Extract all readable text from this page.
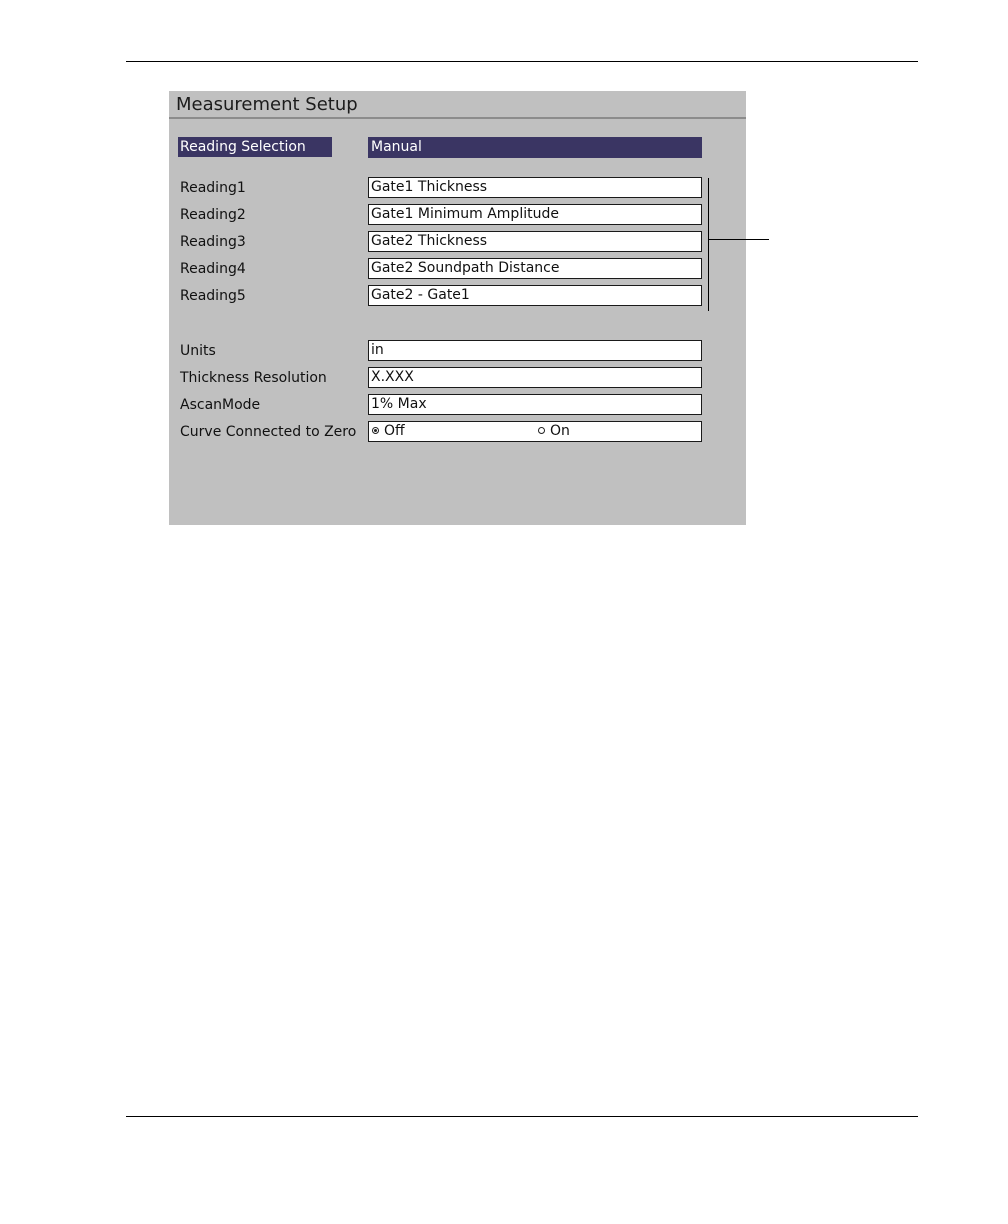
Measurement Setup
Reading Selection	Manual
Reading1	Gate1 Thickness
Reading2	Gate1 Minimum Amplitude
Reading3	Gate2 Thickness
Reading4	Gate2 Soundpath Distance
Reading5	Gate2 - Gate1
Units	in
Thickness Resolution	X.XXX
AscanMode	1% Max
Curve Connected to Zero	Off	On
